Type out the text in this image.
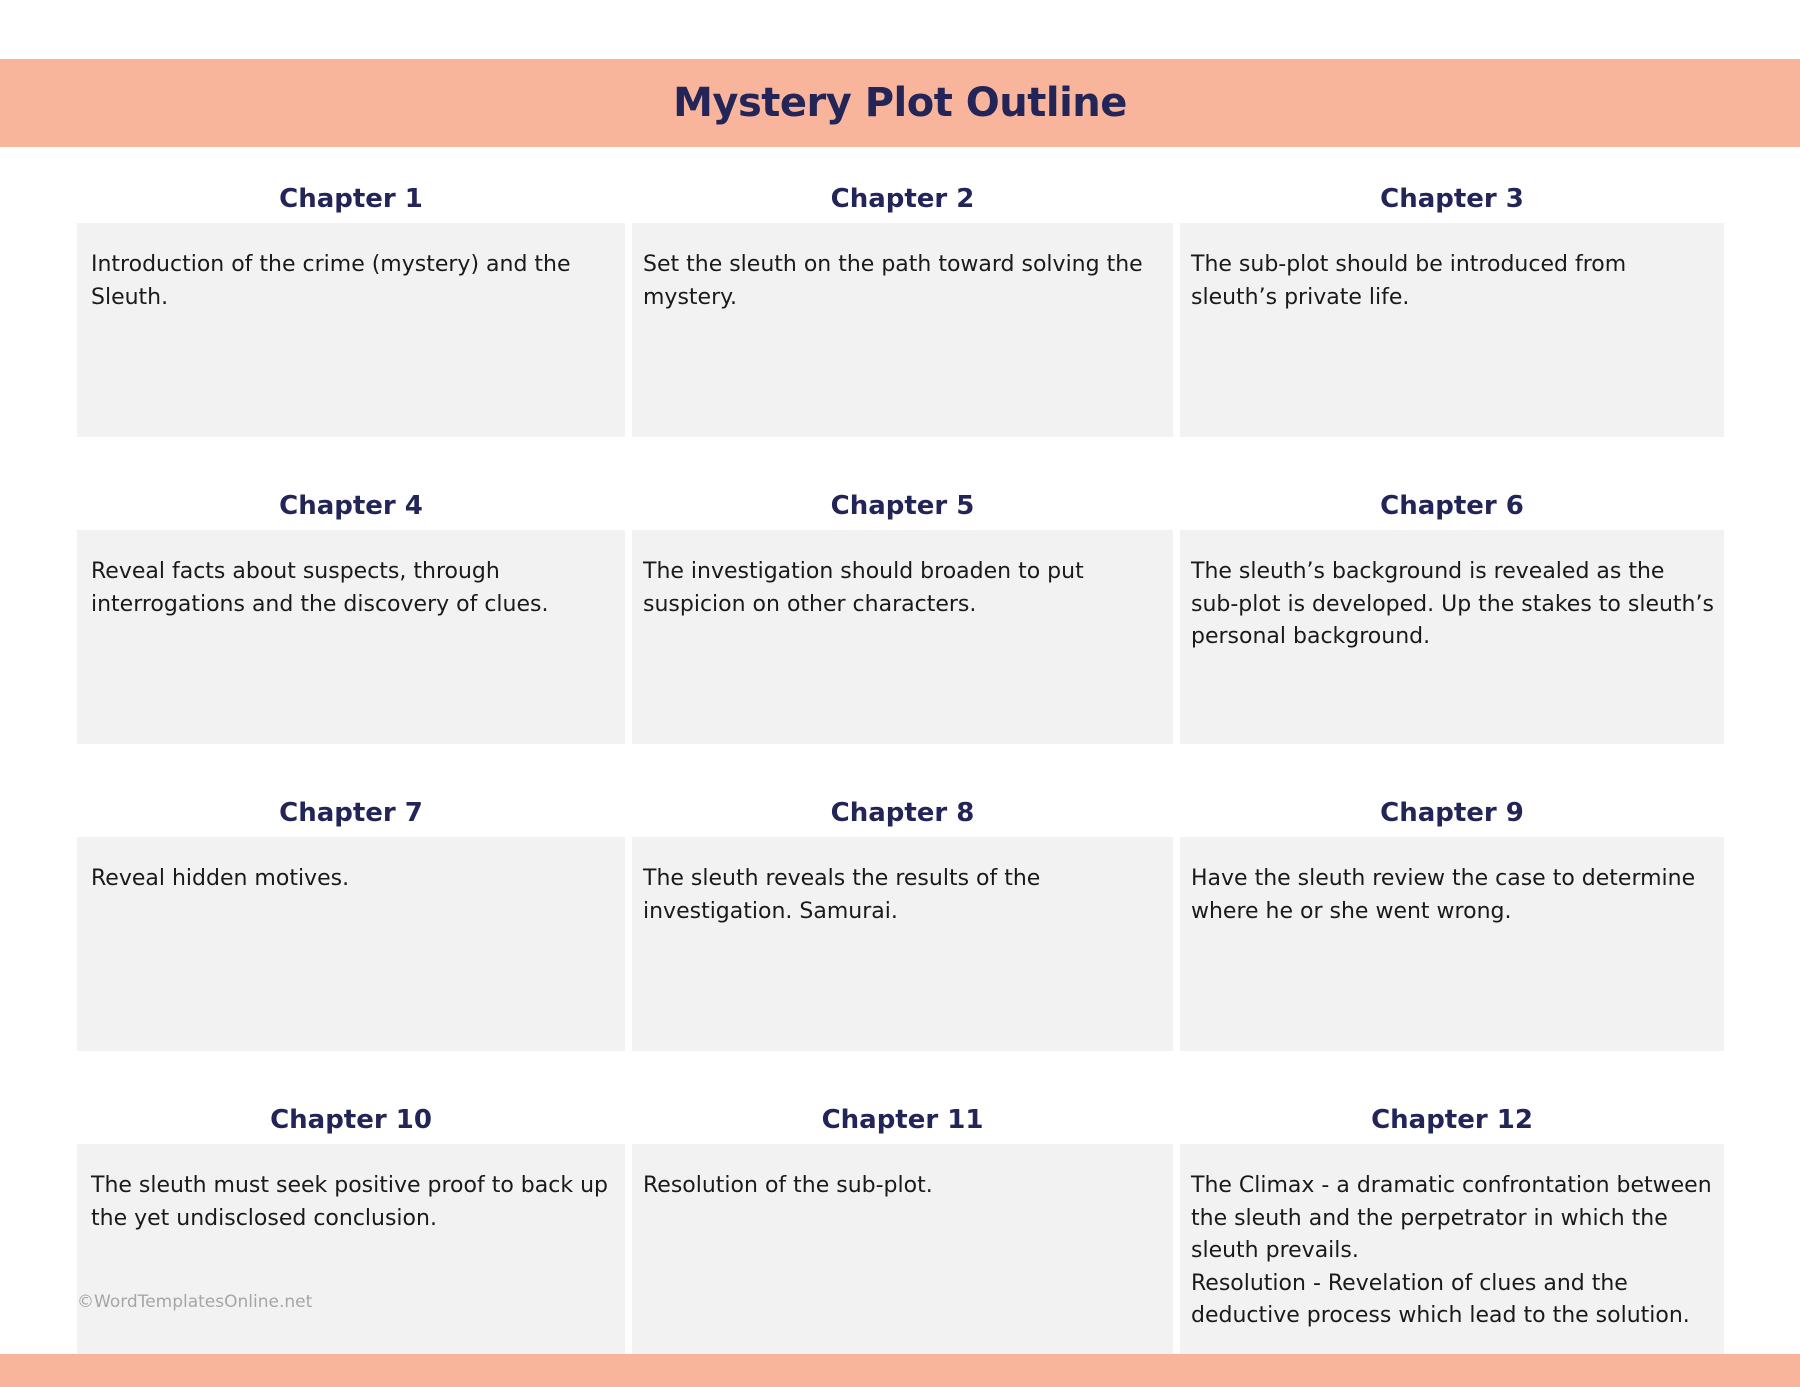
Mystery Plot Outline
Chapter 1
Introduction of the crime (mystery) and the Sleuth.
Chapter 2
Set the sleuth on the path toward solving the mystery.
Chapter 3
The sub-plot should be introduced from sleuth’s private life.
Chapter 4
Reveal facts about suspects, through interrogations and the discovery of clues.
Chapter 5
The investigation should broaden to put suspicion on other characters.
Chapter 6
The sleuth’s background is revealed as the sub-plot is developed. Up the stakes to sleuth’s personal background.
Chapter 7
Reveal hidden motives.
Chapter 8
The sleuth reveals the results of the investigation. Samurai.
Chapter 9
Have the sleuth review the case to determine where he or she went wrong.
Chapter 10
The sleuth must seek positive proof to back up the yet undisclosed conclusion.
Chapter 11
Resolution of the sub-plot.
Chapter 12
The Climax - a dramatic confrontation between the sleuth and the perpetrator in which the sleuth prevails.
Resolution - Revelation of clues and the deductive process which lead to the solution.
©WordTemplatesOnline.net
